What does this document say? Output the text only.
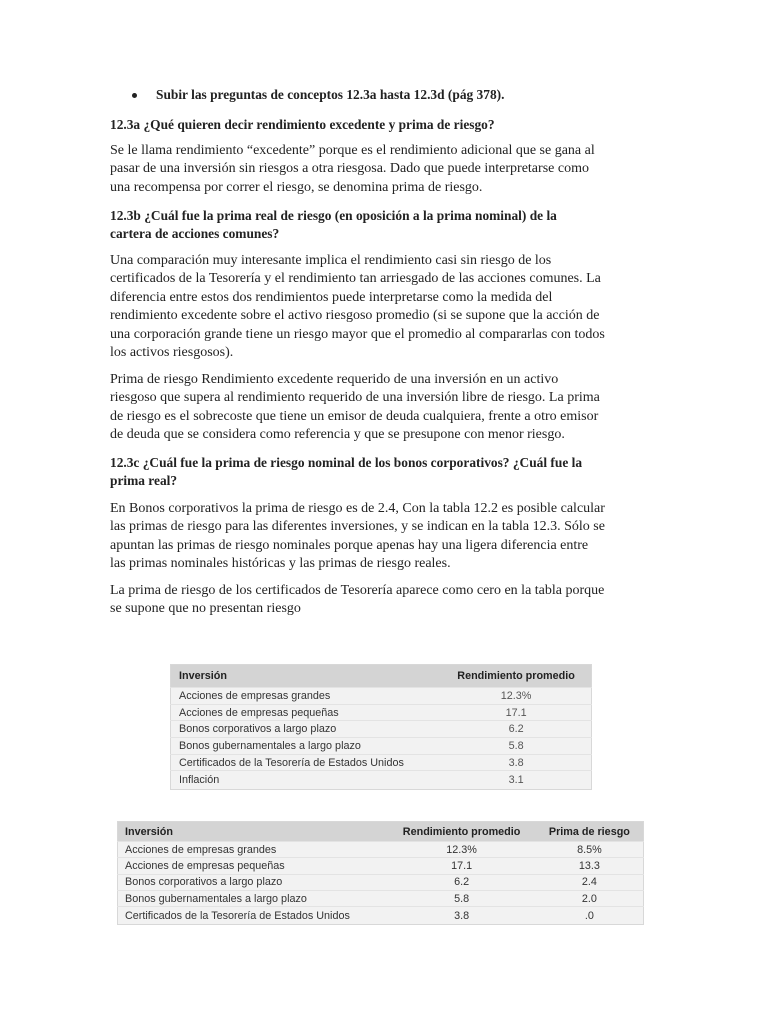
Subir las preguntas de conceptos 12.3a hasta 12.3d (pág 378).
12.3a ¿Qué quieren decir rendimiento excedente y prima de riesgo?

Se le llama rendimiento “excedente” porque es el rendimiento adicional que se gana al
pasar de una inversión sin riesgos a otra riesgosa. Dado que puede interpretarse como
una recompensa por correr el riesgo, se denomina prima de riesgo.

12.3b ¿Cuál fue la prima real de riesgo (en oposición a la prima nominal) de la
cartera de acciones comunes?

Una comparación muy interesante implica el rendimiento casi sin riesgo de los
certificados de la Tesorería y el rendimiento tan arriesgado de las acciones comunes. La
diferencia entre estos dos rendimientos puede interpretarse como la medida del
rendimiento excedente sobre el activo riesgoso promedio (si se supone que la acción de
una corporación grande tiene un riesgo mayor que el promedio al compararlas con todos
los activos riesgosos).

Prima de riesgo Rendimiento excedente requerido de una inversión en un activo
riesgoso que supera al rendimiento requerido de una inversión libre de riesgo. La prima
de riesgo es el sobrecoste que tiene un emisor de deuda cualquiera, frente a otro emisor
de deuda que se considera como referencia y que se presupone con menor riesgo.

12.3c ¿Cuál fue la prima de riesgo nominal de los bonos corporativos? ¿Cuál fue la
prima real?

En Bonos corporativos la prima de riesgo es de 2.4, Con la tabla 12.2 es posible calcular
las primas de riesgo para las diferentes inversiones, y se indican en la tabla 12.3. Sólo se
apuntan las primas de riesgo nominales porque apenas hay una ligera diferencia entre
las primas nominales históricas y las primas de riesgo reales.

La prima de riesgo de los certificados de Tesorería aparece como cero en la tabla porque
se supone que no presentan riesgo

Inversión	Rendimiento promedio
Acciones de empresas grandes	12.3%
Acciones de empresas pequeñas	17.1
Bonos corporativos a largo plazo	6.2
Bonos gubernamentales a largo plazo	5.8
Certificados de la Tesorería de Estados Unidos	3.8
Inflación	3.1
Inversión	Rendimiento promedio	Prima de riesgo
Acciones de empresas grandes	12.3%	8.5%
Acciones de empresas pequeñas	17.1	13.3
Bonos corporativos a largo plazo	6.2	2.4
Bonos gubernamentales a largo plazo	5.8	2.0
Certificados de la Tesorería de Estados Unidos	3.8	.0
